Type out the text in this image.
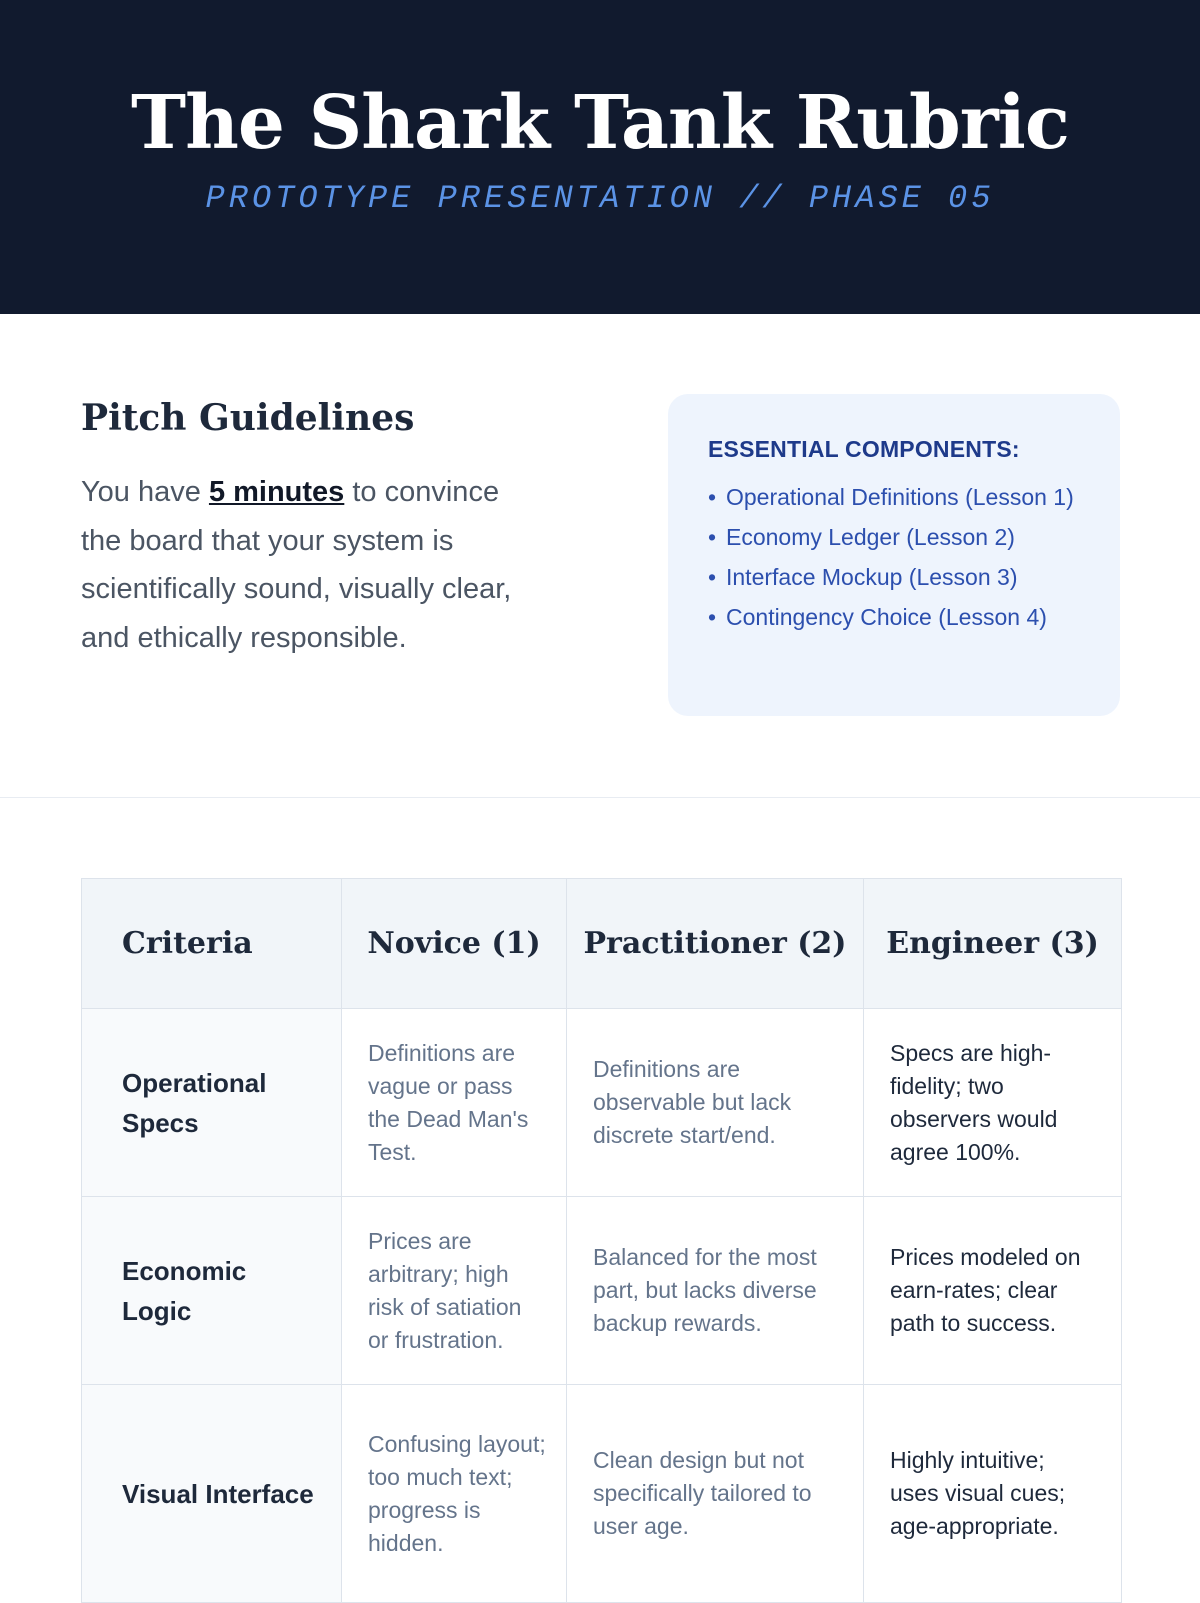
The Shark Tank Rubric
PROTOTYPE PRESENTATION // PHASE 05
Pitch Guidelines

You have 5 minutes to convince the board that your system is scientifically sound, visually clear, and ethically responsible.

ESSENTIAL COMPONENTS:
• Operational Definitions (Lesson 1)
• Economy Ledger (Lesson 2)
• Interface Mockup (Lesson 3)
• Contingency Choice (Lesson 4)
Criteria	Novice (1)	Practitioner (2)	Engineer (3)
Operational Specs	Definitions are vague or pass the Dead Man's Test.	Definitions are observable but lack discrete start/end.	Specs are high-fidelity; two observers would agree 100%.
Economic Logic	Prices are arbitrary; high risk of satiation or frustration.	Balanced for the most part, but lacks diverse backup rewards.	Prices modeled on earn-rates; clear path to success.
Visual Interface	Confusing layout; too much text; progress is hidden.	Clean design but not specifically tailored to user age.	Highly intuitive; uses visual cues; age-appropriate.
